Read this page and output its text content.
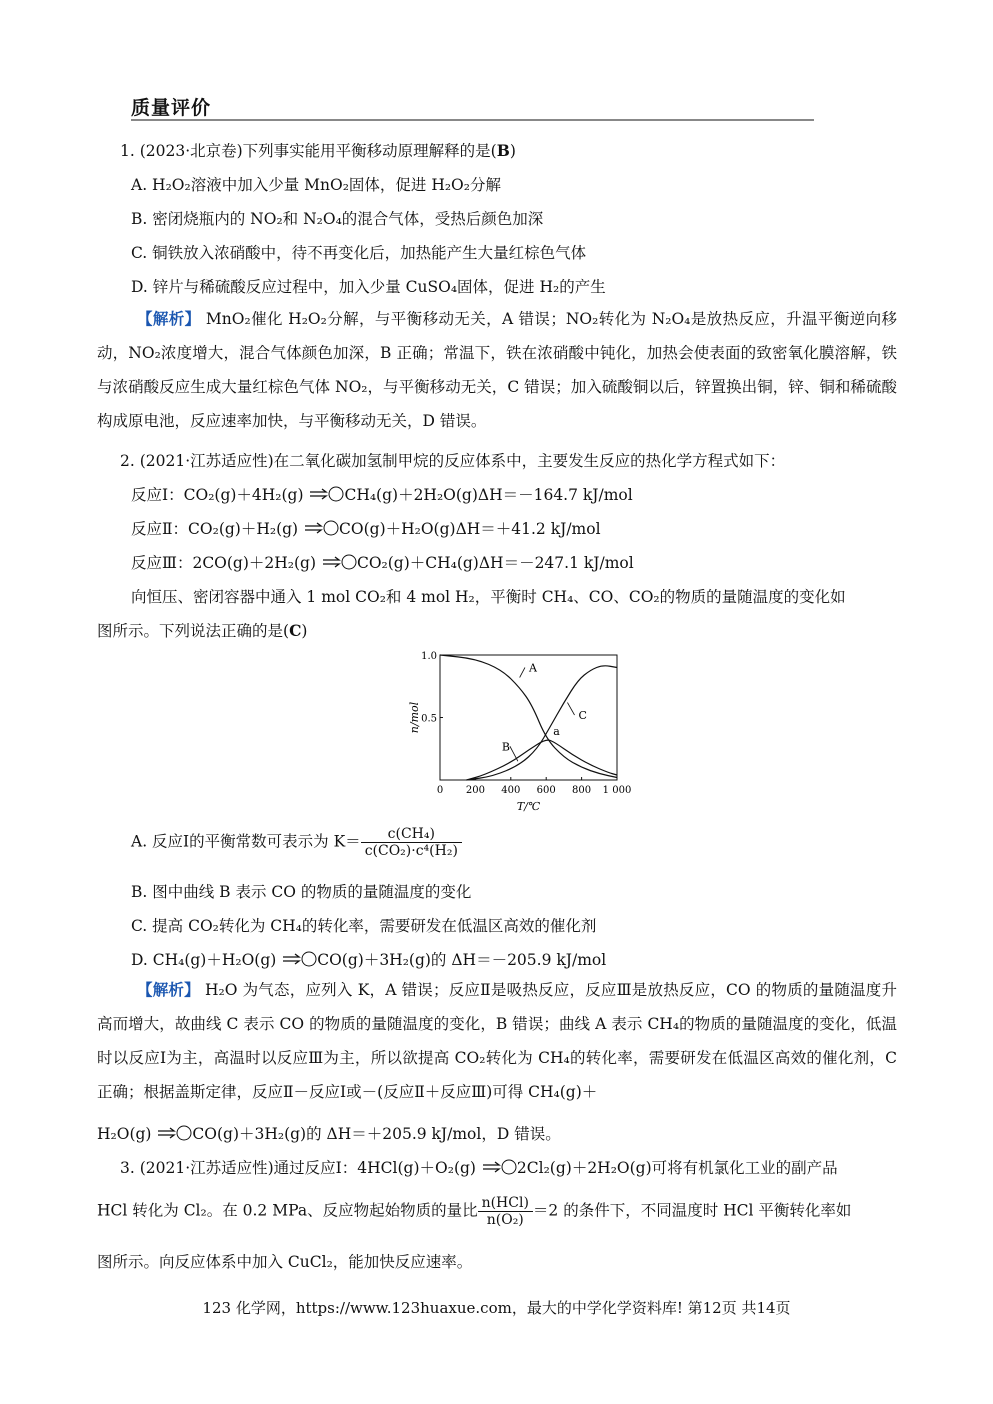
质量评价
1. (2023·北京卷)下列事实能用平衡移动原理解释的是(B)
A. H₂O₂溶液中加入少量 MnO₂固体，促进 H₂O₂分解
B. 密闭烧瓶内的 NO₂和 N₂O₄的混合气体，受热后颜色加深
C. 铜铁放入浓硝酸中，待不再变化后，加热能产生大量红棕色气体
D. 锌片与稀硫酸反应过程中，加入少量 CuSO₄固体，促进 H₂的产生
【解析】 MnO₂催化 H₂O₂分解，与平衡移动无关，A 错误；NO₂转化为 N₂O₄是放热反应，升温平衡逆向移动，NO₂浓度增大，混合气体颜色加深，B 正确；常温下，铁在浓硝酸中钝化，加热会使表面的致密氧化膜溶解，铁与浓硝酸反应生成大量红棕色气体 NO₂，与平衡移动无关，C 错误；加入硫酸铜以后，锌置换出铜，锌、铜和稀硫酸构成原电池，反应速率加快，与平衡移动无关，D 错误。
2. (2021·江苏适应性)在二氧化碳加氢制甲烷的反应体系中，主要发生反应的热化学方程式如下：
反应Ⅰ：CO₂(g)＋4H₂(g)	CH₄(g)＋2H₂O(g)ΔH＝－164.7 kJ/mol
反应Ⅱ：CO₂(g)＋H₂(g)	CO(g)＋H₂O(g)ΔH＝＋41.2 kJ/mol
反应Ⅲ：2CO(g)＋2H₂(g)	CO₂(g)＋CH₄(g)ΔH＝－247.1 kJ/mol
向恒压、密闭容器中通入 1 mol CO₂和 4 mol H₂，平衡时 CH₄、CO、CO₂的物质的量随温度的变化如
图所示。下列说法正确的是(C)
0 200 400 600 800 1 000
0.5
1.0
T/℃
n/mol
A
B
C
a
A. 反应Ⅰ的平衡常数可表示为 $K= \frac{\text{c(CH₄)}}{\text{c(CO₂)·c⁴(H₂)}}$
B. 图中曲线 B 表示 CO 的物质的量随温度的变化
C. 提高 CO₂转化为 CH₄的转化率，需要研发在低温区高效的催化剂
D. CH₄(g)＋H₂O(g)	CO(g)＋3H₂(g)的 ΔH＝－205.9 kJ/mol
【解析】 H₂O 为气态，应列入 K，A 错误；反应Ⅱ是吸热反应，反应Ⅲ是放热反应，CO 的物质的量随温度升高而增大，故曲线 C 表示 CO 的物质的量随温度的变化，B 错误；曲线 A 表示 CH₄的物质的量随温度的变化，低温时以反应Ⅰ为主，高温时以反应Ⅲ为主，所以欲提高 CO₂转化为 CH₄的转化率，需要研发在低温区高效的催化剂，C 正确；根据盖斯定律，反应Ⅱ－反应Ⅰ或－(反应Ⅱ＋反应Ⅲ)可得 CH₄(g)＋
H₂O(g)	CO(g)＋3H₂(g)的 ΔH＝＋205.9 kJ/mol，D 错误。
3. (2021·江苏适应性)通过反应Ⅰ：4HCl(g)＋O₂(g)	2Cl₂(g)＋2H₂O(g)可将有机氯化工业的副产品
HCl 转化为 Cl₂。在 0.2 MPa、反应物起始物质的量比 $\frac{\text{n(HCl)}}{\text{n(O₂)}} =2$ 的条件下，不同温度时 HCl 平衡转化率如
图所示。向反应体系中加入 CuCl₂，能加快反应速率。
123 化学网，https://www.123huaxue.com，最大的中学化学资料库! 第12页 共14页
